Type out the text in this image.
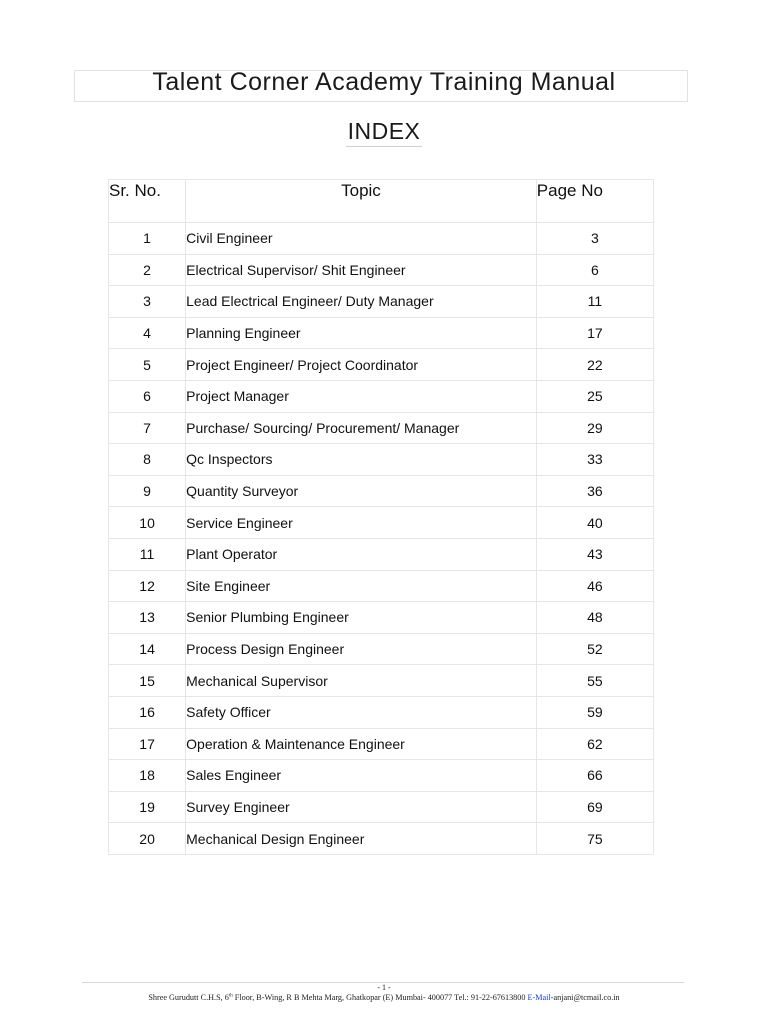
Talent Corner Academy Training Manual
INDEX
Sr. No.	Topic	Page No
1	Civil Engineer	3
2	Electrical Supervisor/ Shit Engineer	6
3	Lead Electrical Engineer/ Duty Manager	11
4	Planning Engineer	17
5	Project Engineer/ Project Coordinator	22
6	Project Manager	25
7	Purchase/ Sourcing/ Procurement/ Manager	29
8	Qc Inspectors	33
9	Quantity Surveyor	36
10	Service Engineer	40
11	Plant Operator	43
12	Site Engineer	46
13	Senior Plumbing Engineer	48
14	Process Design Engineer	52
15	Mechanical Supervisor	55
16	Safety Officer	59
17	Operation & Maintenance Engineer	62
18	Sales Engineer	66
19	Survey Engineer	69
20	Mechanical Design Engineer	75
- 1 -
Shree Gurudutt C.H.S, 6th Floor, B-Wing, R B Mehta Marg, Ghatkopar (E) Mumbai- 400077 Tel.: 91-22-67613800 E-Mail-anjani@tcmail.co.in
